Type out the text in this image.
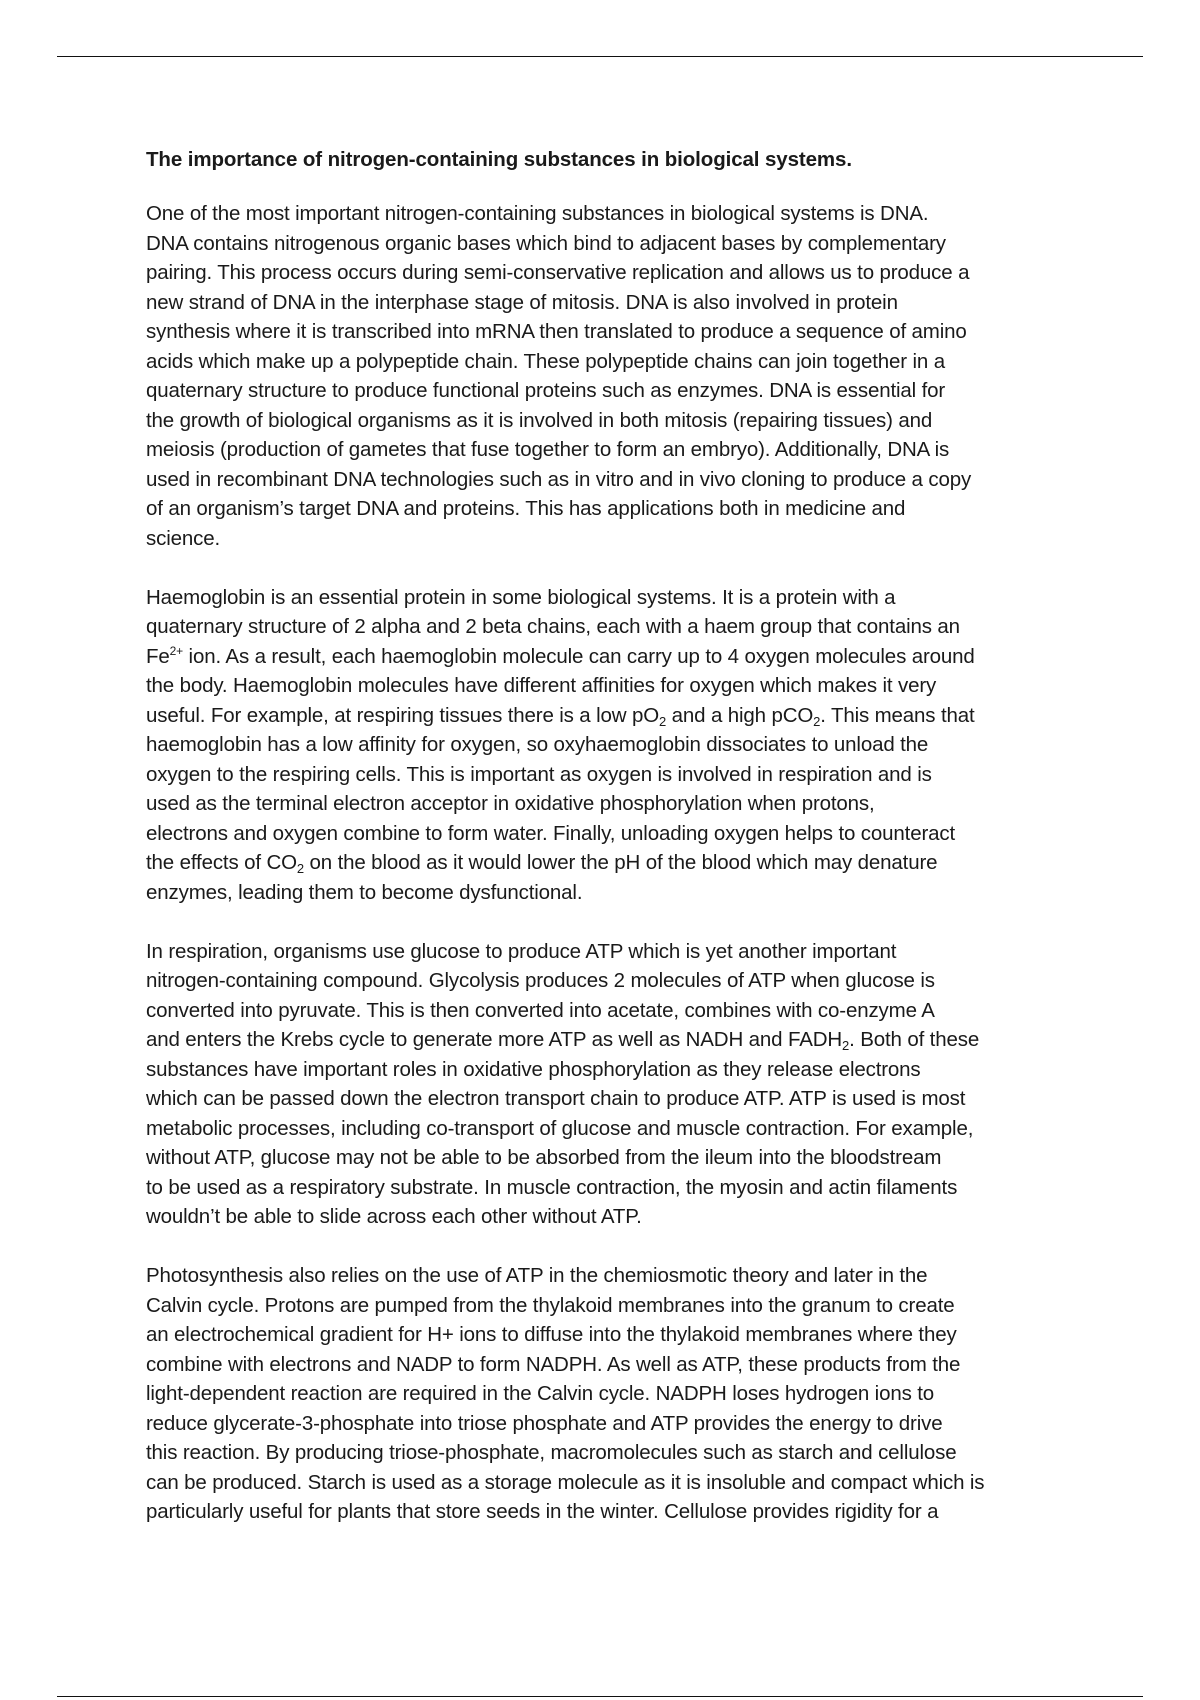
The importance of nitrogen-containing substances in biological systems.
One of the most important nitrogen-containing substances in biological systems is DNA.
DNA contains nitrogenous organic bases which bind to adjacent bases by complementary
pairing. This process occurs during semi-conservative replication and allows us to produce a
new strand of DNA in the interphase stage of mitosis. DNA is also involved in protein
synthesis where it is transcribed into mRNA then translated to produce a sequence of amino
acids which make up a polypeptide chain. These polypeptide chains can join together in a
quaternary structure to produce functional proteins such as enzymes. DNA is essential for
the growth of biological organisms as it is involved in both mitosis (repairing tissues) and
meiosis (production of gametes that fuse together to form an embryo). Additionally, DNA is
used in recombinant DNA technologies such as in vitro and in vivo cloning to produce a copy
of an organism’s target DNA and proteins. This has applications both in medicine and
science.
Haemoglobin is an essential protein in some biological systems. It is a protein with a
quaternary structure of 2 alpha and 2 beta chains, each with a haem group that contains an
$Fe^{2+}$ ion. As a result, each haemoglobin molecule can carry up to 4 oxygen molecules around
the body. Haemoglobin molecules have different affinities for oxygen which makes it very
useful. For example, at respiring tissues there is a low $pO_2$ and a high pCO$_2$. This means that
haemoglobin has a low affinity for oxygen, so oxyhaemoglobin dissociates to unload the
oxygen to the respiring cells. This is important as oxygen is involved in respiration and is
used as the terminal electron acceptor in oxidative phosphorylation when protons,
electrons and oxygen combine to form water. Finally, unloading oxygen helps to counteract
the effects of $CO_2$ on the blood as it would lower the pH of the blood which may denature
enzymes, leading them to become dysfunctional.
In respiration, organisms use glucose to produce ATP which is yet another important
nitrogen-containing compound. Glycolysis produces 2 molecules of ATP when glucose is
converted into pyruvate. This is then converted into acetate, combines with co-enzyme A
and enters the Krebs cycle to generate more ATP as well as NADH and $FADH_2$. Both of these
substances have important roles in oxidative phosphorylation as they release electrons
which can be passed down the electron transport chain to produce ATP. ATP is used is most
metabolic processes, including co-transport of glucose and muscle contraction. For example,
without ATP, glucose may not be able to be absorbed from the ileum into the bloodstream
to be used as a respiratory substrate. In muscle contraction, the myosin and actin filaments
wouldn’t be able to slide across each other without ATP.
Photosynthesis also relies on the use of ATP in the chemiosmotic theory and later in the
Calvin cycle. Protons are pumped from the thylakoid membranes into the granum to create
an electrochemical gradient for H+ ions to diffuse into the thylakoid membranes where they
combine with electrons and NADP to form NADPH. As well as ATP, these products from the
light-dependent reaction are required in the Calvin cycle. NADPH loses hydrogen ions to
reduce glycerate-3-phosphate into triose phosphate and ATP provides the energy to drive
this reaction. By producing triose-phosphate, macromolecules such as starch and cellulose
can be produced. Starch is used as a storage molecule as it is insoluble and compact which is
particularly useful for plants that store seeds in the winter. Cellulose provides rigidity for a
